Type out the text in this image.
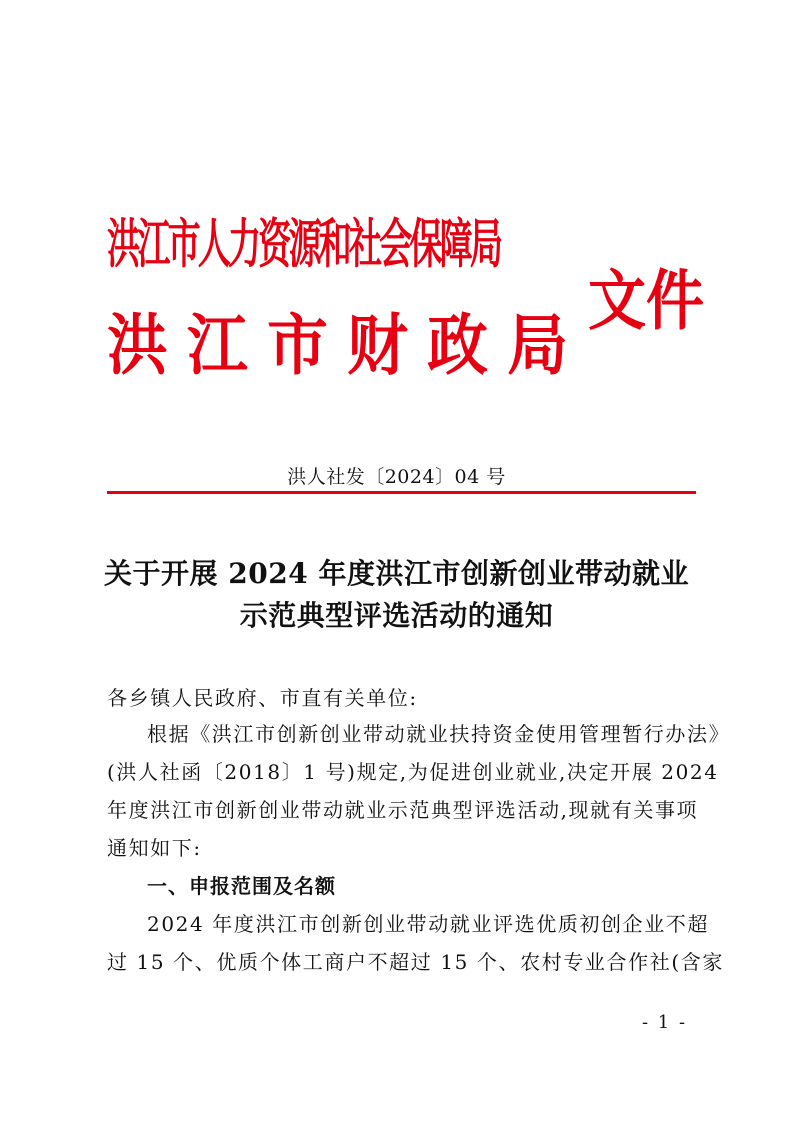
洪江市人力资源和社会保障局
洪江市财政局
文件
洪人社发〔2024〕04 号
关于开展 2024 年度洪江市创新创业带动就业
示范典型评选活动的通知
各乡镇人民政府、市直有关单位:
根据《洪江市创新创业带动就业扶持资金使用管理暂行办法》
(洪人社函〔2018〕1 号)规定,为促进创业就业,决定开展 2024
年度洪江市创新创业带动就业示范典型评选活动,现就有关事项
通知如下:
一、申报范围及名额
2024 年度洪江市创新创业带动就业评选优质初创企业不超
过 15 个、优质个体工商户不超过 15 个、农村专业合作社(含家
- 1 -
